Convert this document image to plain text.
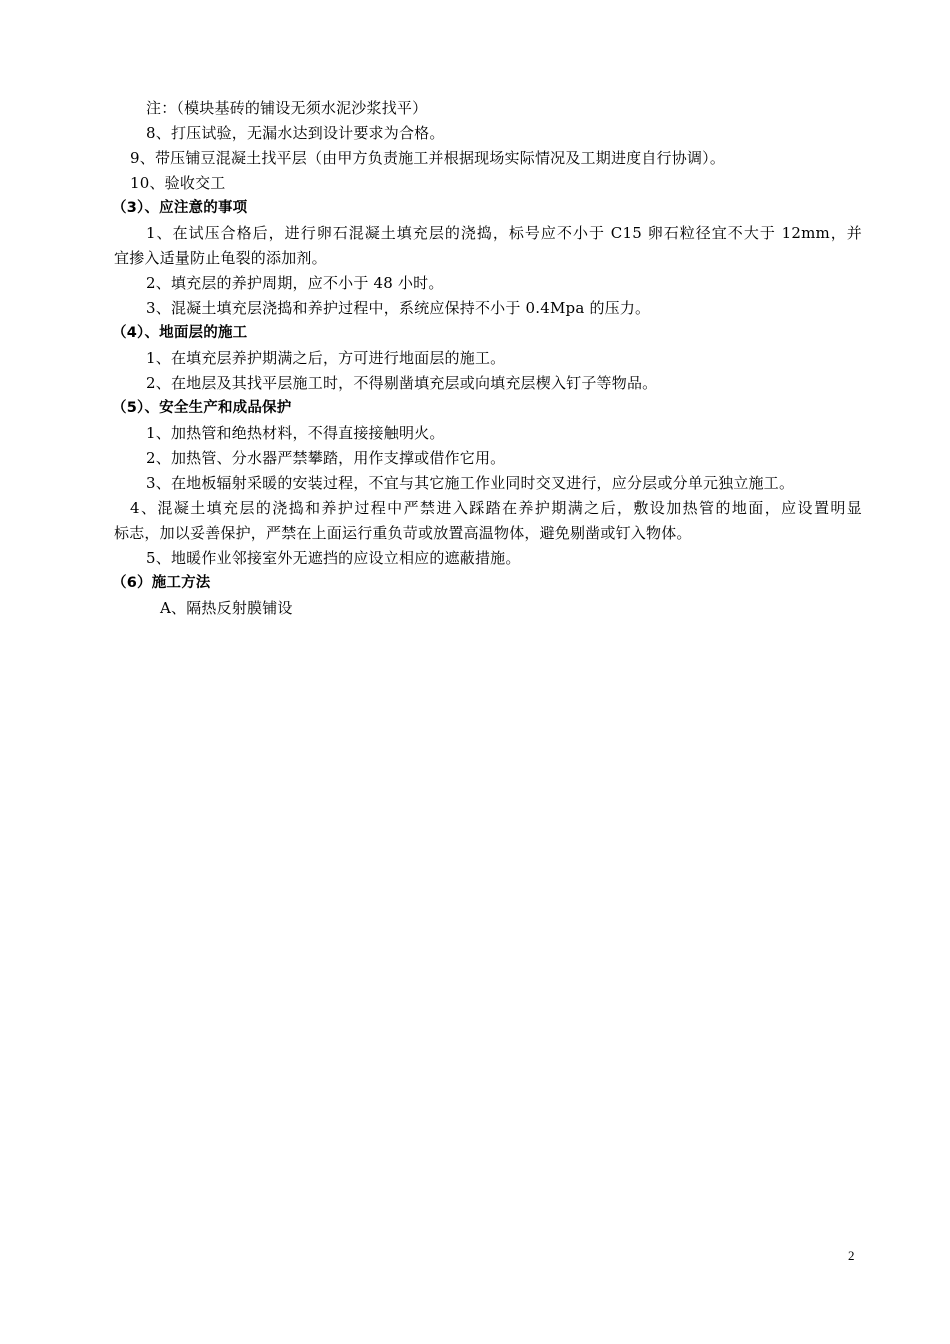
注：（模块基砖的铺设无须水泥沙浆找平）
8、打压试验，无漏水达到设计要求为合格。
9、带压铺豆混凝土找平层（由甲方负责施工并根据现场实际情况及工期进度自行协调）。
10、验收交工
（3）、应注意的事项
1、在试压合格后，进行卵石混凝土填充层的浇捣，标号应不小于 C15 卵石粒径宜不大于 12mm，并
宜掺入适量防止龟裂的添加剂。
2、填充层的养护周期，应不小于 48 小时。
3、混凝土填充层浇捣和养护过程中，系统应保持不小于 0.4Mpa 的压力。
（4）、地面层的施工
1、在填充层养护期满之后，方可进行地面层的施工。
2、在地层及其找平层施工时，不得剔凿填充层或向填充层楔入钉子等物品。
（5）、安全生产和成品保护
1、加热管和绝热材料，不得直接接触明火。
2、加热管、分水器严禁攀踏，用作支撑或借作它用。
3、在地板辐射采暖的安装过程，不宜与其它施工作业同时交叉进行，应分层或分单元独立施工。
4、混凝土填充层的浇捣和养护过程中严禁进入踩踏在养护期满之后，敷设加热管的地面，应设置明显
标志，加以妥善保护，严禁在上面运行重负苛或放置高温物体，避免剔凿或钉入物体。
5、地暖作业邻接室外无遮挡的应设立相应的遮蔽措施。
（6）施工方法
A、隔热反射膜铺设
2
